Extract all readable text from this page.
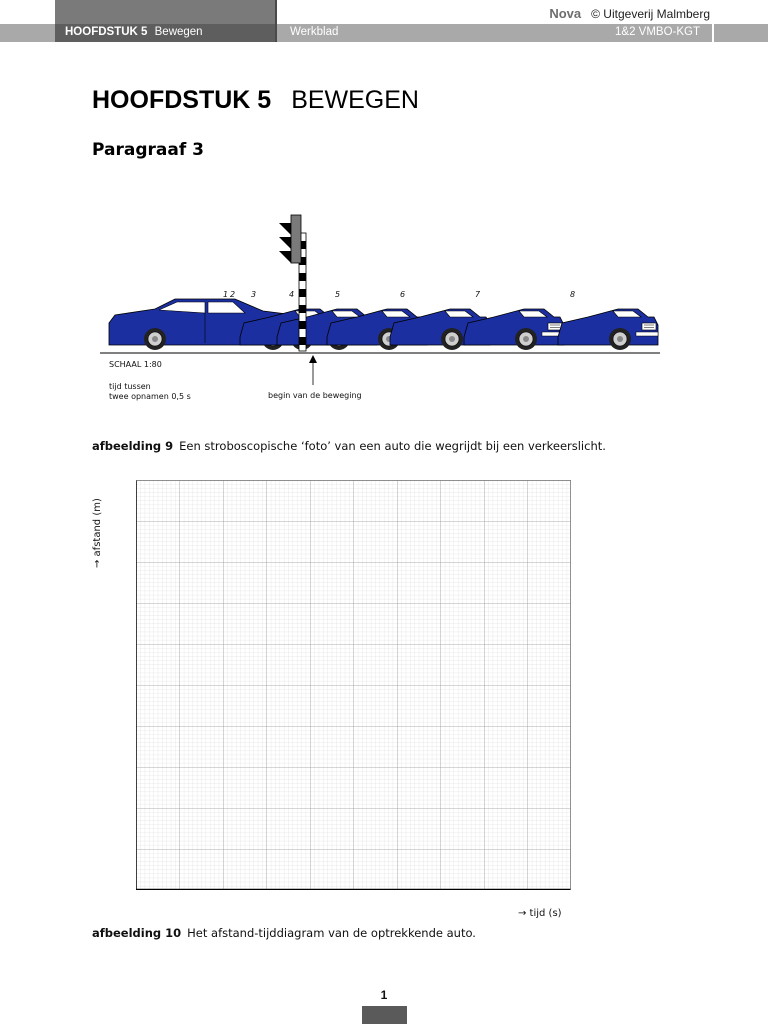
Nova © Uitgeverij Malmberg
HOOFDSTUK 5 Bewegen	Werkblad	1&2 VMBO-KGT
HOOFDSTUK 5 BEWEGEN
Paragraaf 3
1 2 3	4	5	6	7	8
SCHAAL 1:80
tijd tussen
twee opnamen 0,5 s	begin van de beweging
afbeelding 9 Een stroboscopische ‘foto’ van een auto die wegrijdt bij een verkeerslicht.
→ afstand (m)
→ tijd (s)
afbeelding 10 Het afstand-tijddiagram van de optrekkende auto.
1
